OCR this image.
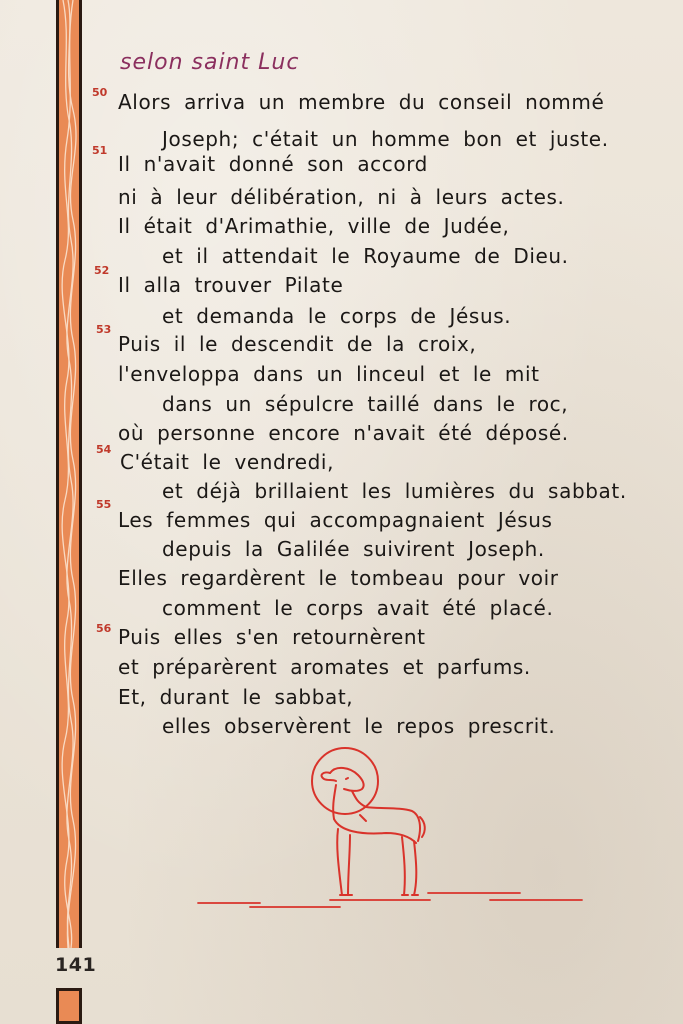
141
selon saint Luc
50 Alors arriva un membre du conseil nommé
Joseph; c'était un homme bon et juste.
51
Il n'avait donné son accord
ni à leur délibération, ni à leurs actes.
Il était d'Arimathie, ville de Judée,
et il attendait le Royaume de Dieu.
52
Il alla trouver Pilate
et demanda le corps de Jésus.
53
Puis il le descendit de la croix,
l'enveloppa dans un linceul et le mit
dans un sépulcre taillé dans le roc,
où personne encore n'avait été déposé.
54
C'était le vendredi,
et déjà brillaient les lumières du sabbat.
55
Les femmes qui accompagnaient Jésus
depuis la Galilée suivirent Joseph.
Elles regardèrent le tombeau pour voir
comment le corps avait été placé.
56 Puis elles s'en retournèrent
et préparèrent aromates et parfums.
Et, durant le sabbat,
elles observèrent le repos prescrit.
